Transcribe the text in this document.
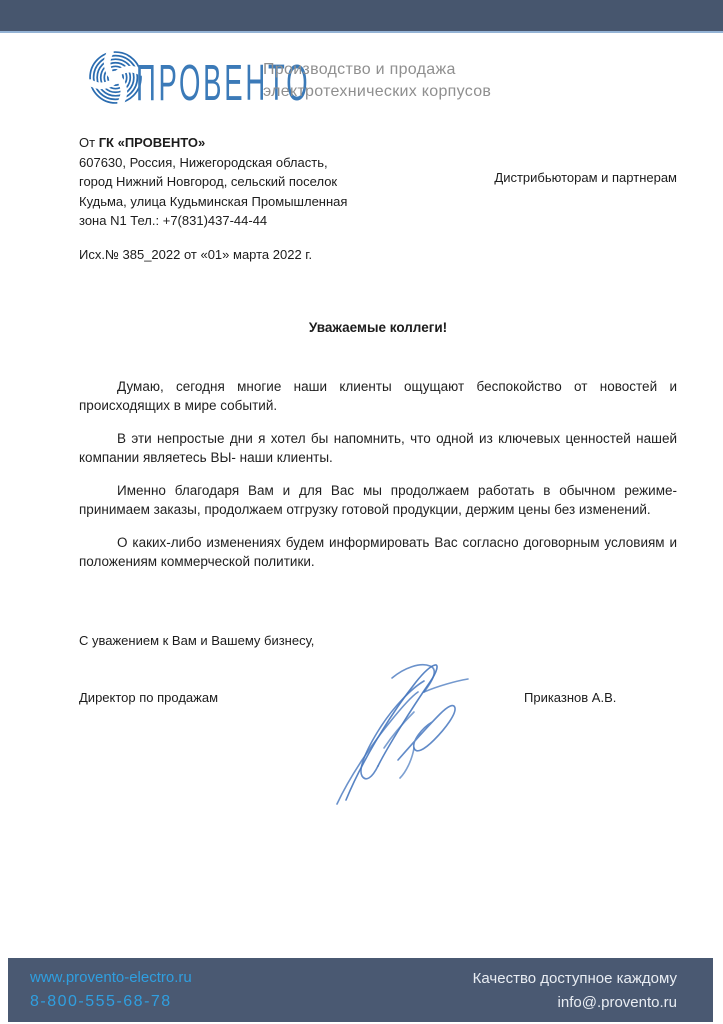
ПРОВЕНТО
Производство и продажа
электротехнических корпусов
От ГК «ПРОВЕНТО»
607630, Россия, Нижегородская область,
город Нижний Новгород, сельский поселок
Кудьма, улица Кудьминская Промышленная
зона N1 Тел.: +7(831)437-44-44
Дистрибьюторам и партнерам
Исх.№ 385_2022 от «01» марта 2022 г.
Уважаемые коллеги!

Думаю, сегодня многие наши клиенты ощущают беспокойство от новостей и происходящих в мире событий.

В эти непростые дни я хотел бы напомнить, что одной из ключевых ценностей нашей компании являетесь ВЫ- наши клиенты.

Именно благодаря Вам и для Вас мы продолжаем работать в обычном режиме- принимаем заказы, продолжаем отгрузку готовой продукции, держим цены без изменений.

О каких-либо изменениях будем информировать Вас согласно договорным условиям и положениям коммерческой политики.

С уважением к Вам и Вашему бизнесу,
Директор по продажам	Приказнов А.В.
www.provento-electro.ru
8-800-555-68-78
Качество доступное каждому
info@.provento.ru
